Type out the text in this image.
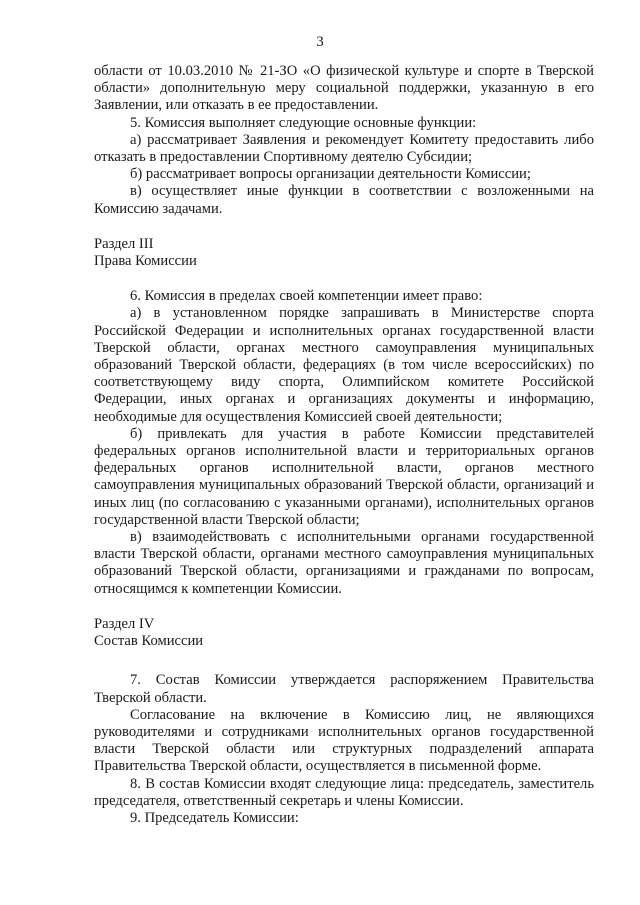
3

области от 10.03.2010 № 21-ЗО «О физической культуре и спорте в Тверской области» дополнительную меру социальной поддержки, указанную в его Заявлении, или отказать в ее предоставлении.

5. Комиссия выполняет следующие основные функции:

а) рассматривает Заявления и рекомендует Комитету предоставить либо отказать в предоставлении Спортивному деятелю Субсидии;

б) рассматривает вопросы организации деятельности Комиссии;

в) осуществляет иные функции в соответствии с возложенными на Комиссию задачами.

Раздел III

Права Комиссии

6. Комиссия в пределах своей компетенции имеет право:

а) в установленном порядке запрашивать в Министерстве спорта Российской Федерации и исполнительных органах государственной власти Тверской области, органах местного самоуправления муниципальных образований Тверской области, федерациях (в том числе всероссийских) по соответствующему виду спорта, Олимпийском комитете Российской Федерации, иных органах и организациях документы и информацию, необходимые для осуществления Комиссией своей деятельности;

б) привлекать для участия в работе Комиссии представителей федеральных органов исполнительной власти и территориальных органов федеральных органов исполнительной власти, органов местного самоуправления муниципальных образований Тверской области, организаций и иных лиц (по согласованию с указанными органами), исполнительных органов государственной власти Тверской области;

в) взаимодействовать с исполнительными органами государственной власти Тверской области, органами местного самоуправления муниципальных образований Тверской области, организациями и гражданами по вопросам, относящимся к компетенции Комиссии.

Раздел IV

Состав Комиссии

7. Состав Комиссии утверждается распоряжением Правительства Тверской области.

Согласование на включение в Комиссию лиц, не являющихся руководителями и сотрудниками исполнительных органов государственной власти Тверской области или структурных подразделений аппарата Правительства Тверской области, осуществляется в письменной форме.

8. В состав Комиссии входят следующие лица: председатель, заместитель председателя, ответственный секретарь и члены Комиссии.

9. Председатель Комиссии:
